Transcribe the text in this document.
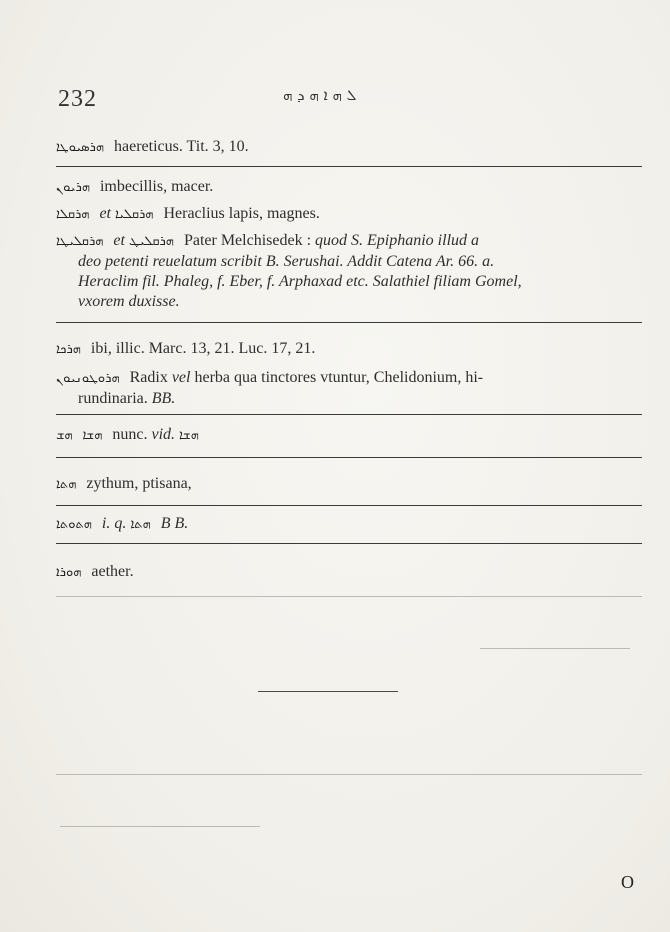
232	ܠ ܗ ܐ ܗ ܕ ܗ
ܗܪܣܝܘܛܐ haereticus. Tit. 3, 10.
ܗܪܝܘܢ imbecillis, macer.
ܗܪܩܠܐ et ܗܪܩܠܝܐ Heraclius lapis, magnes.
ܗܪܩܠܝܛܐ et ܗܪܩܠܝܛ Pater Melchisedek : quod S. Epiphanio illud a
deo petenti reuelatum scribit B. Serushai. Addit Catena Ar. 66. a.
Heraclim fil. Phaleg, f. Eber, f. Arphaxad etc. Salathiel filiam Gomel,
vxorem duxisse.
ܗܪܟܐ ibi, illic. Marc. 13, 21. Luc. 17, 21.
ܗܪܘܛܘܢܝܘܢ Radix vel herba qua tinctores vtuntur, Chelidonium, hi-
rundinaria. BB.
ܗܫܐ ܗܫ nunc. vid. ܗܫܐ
ܗܬܐ zythum, ptisana,
ܗܬܘܬܐ i. q. ܗܬܐ B B.
ܗܘܪܐ aether.
O
